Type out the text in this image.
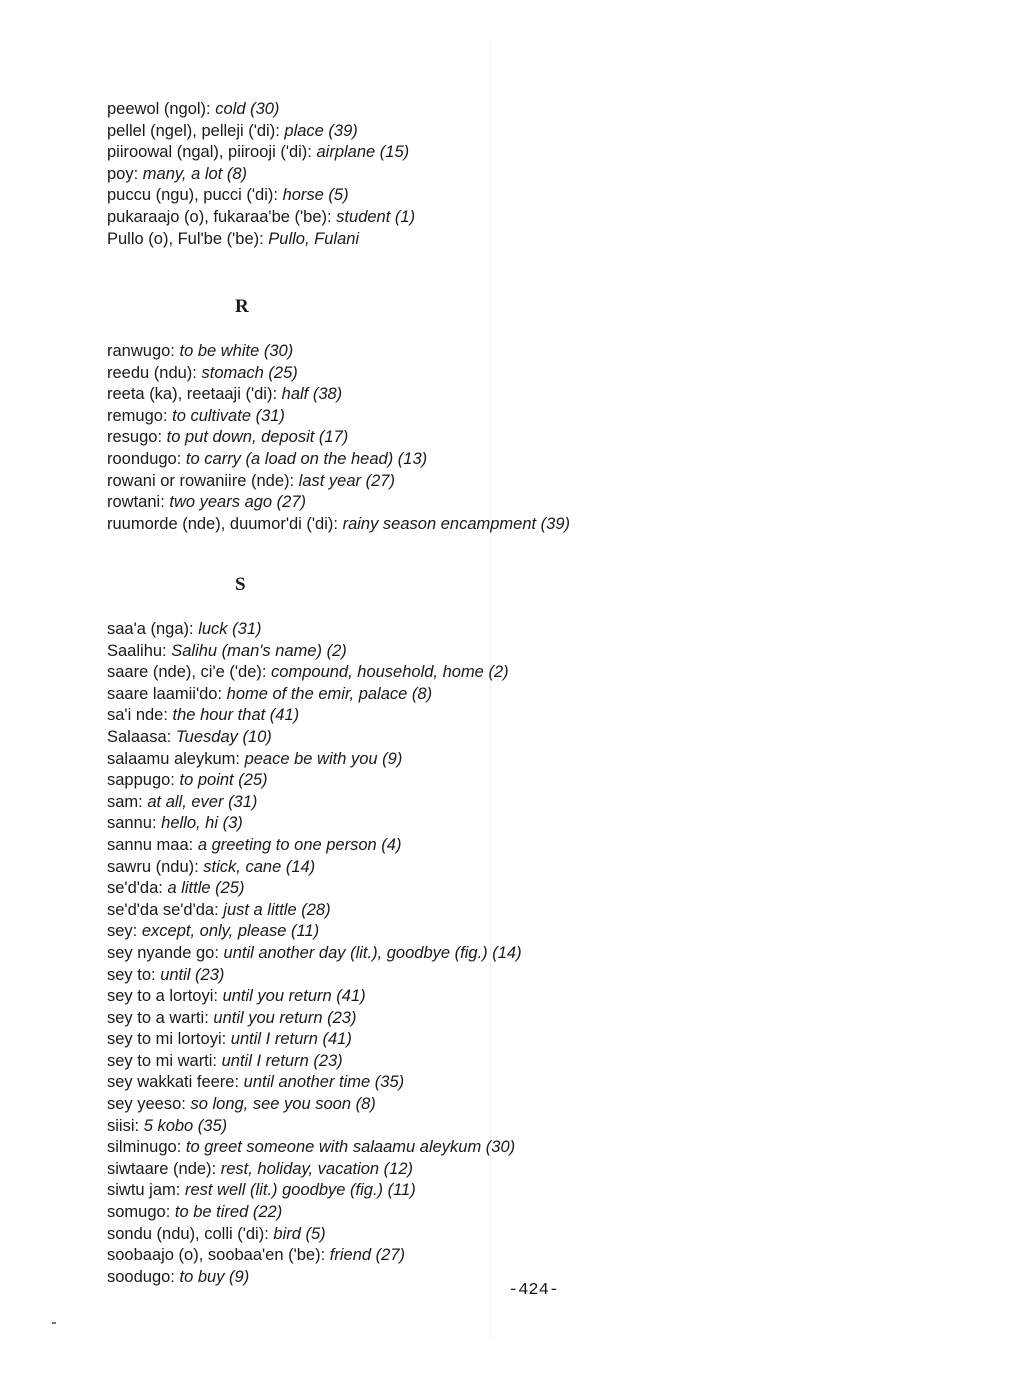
peewol (ngol): cold (30)
pellel (ngel), pelleji ('di): place (39)
piiroowal (ngal), piirooji ('di): airplane (15)
poy: many, a lot (8)
puccu (ngu), pucci ('di): horse (5)
pukaraajo (o), fukaraa'be ('be): student (1)
Pullo (o), Ful'be ('be): Pullo, Fulani
R
ranwugo: to be white (30)
reedu (ndu): stomach (25)
reeta (ka), reetaaji ('di): half (38)
remugo: to cultivate (31)
resugo: to put down, deposit (17)
roondugo: to carry (a load on the head) (13)
rowani or rowaniire (nde): last year (27)
rowtani: two years ago (27)
ruumorde (nde), duumor'di ('di): rainy season encampment (39)
S
saa'a (nga): luck (31)
Saalihu: Salihu (man's name) (2)
saare (nde), ci'e ('de): compound, household, home (2)
saare laamii'do: home of the emir, palace (8)
sa'i nde: the hour that (41)
Salaasa: Tuesday (10)
salaamu aleykum: peace be with you (9)
sappugo: to point (25)
sam: at all, ever (31)
sannu: hello, hi (3)
sannu maa: a greeting to one person (4)
sawru (ndu): stick, cane (14)
se'd'da: a little (25)
se'd'da se'd'da: just a little (28)
sey: except, only, please (11)
sey nyande go: until another day (lit.), goodbye (fig.) (14)
sey to: until (23)
sey to a lortoyi: until you return (41)
sey to a warti: until you return (23)
sey to mi lortoyi: until I return (41)
sey to mi warti: until I return (23)
sey wakkati feere: until another time (35)
sey yeeso: so long, see you soon (8)
siisi: 5 kobo (35)
silminugo: to greet someone with salaamu aleykum (30)
siwtaare (nde): rest, holiday, vacation (12)
siwtu jam: rest well (lit.) goodbye (fig.) (11)
somugo: to be tired (22)
sondu (ndu), colli ('di): bird (5)
soobaajo (o), soobaa'en ('be): friend (27)
soodugo: to buy (9)
-424-
